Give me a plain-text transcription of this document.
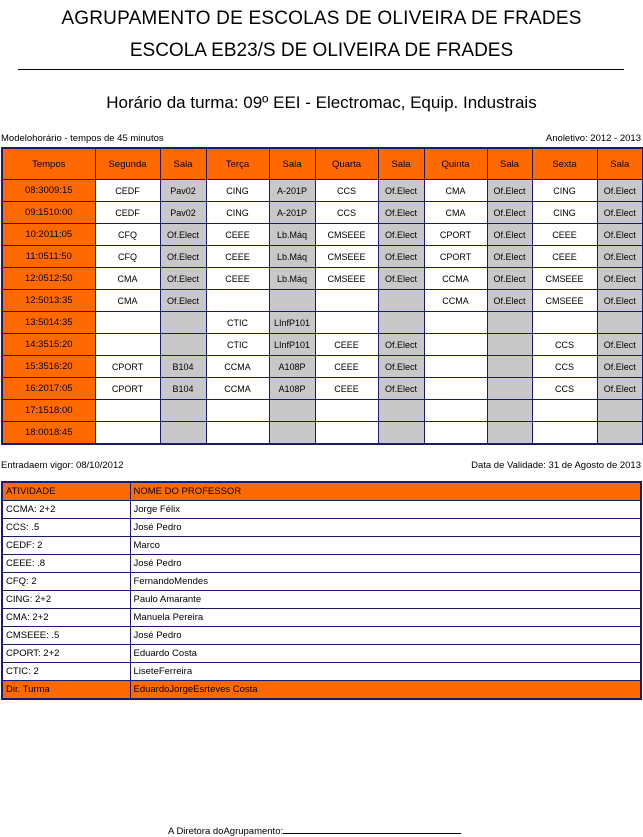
AGRUPAMENTO DE ESCOLAS DE OLIVEIRA DE FRADES
ESCOLA EB23/S DE OLIVEIRA DE FRADES
Horário da turma: 09º EEI - Electromac, Equip. Industrais
Modelohorário - tempos de 45 minutos	Anoletivo: 2012 - 2013
Tempos	Segunda	Sala	Terça	Sala	Quarta	Sala	Quinta	Sala	Sexta	Sala
08:3009:15	CEDF	Pav02	CING	A-201P	CCS	Of.Elect	CMA	Of.Elect	CING	Of.Elect
09:1510:00	CEDF	Pav02	CING	A-201P	CCS	Of.Elect	CMA	Of.Elect	CING	Of.Elect
10:2011:05	CFQ	Of.Elect	CEEE	Lb.Máq	CMSEEE	Of.Elect	CPORT	Of.Elect	CEEE	Of.Elect
11:0511:50	CFQ	Of.Elect	CEEE	Lb.Máq	CMSEEE	Of.Elect	CPORT	Of.Elect	CEEE	Of.Elect
12:0512:50	CMA	Of.Elect	CEEE	Lb.Máq	CMSEEE	Of.Elect	CCMA	Of.Elect	CMSEEE	Of.Elect
12:5013:35	CMA	Of.Elect					CCMA	Of.Elect	CMSEEE	Of.Elect
13:5014:35			CTIC	LInfP101						
14:3515:20			CTIC	LInfP101	CEEE	Of.Elect			CCS	Of.Elect
15:3516:20	CPORT	B104	CCMA	A108P	CEEE	Of.Elect			CCS	Of.Elect
16:2017:05	CPORT	B104	CCMA	A108P	CEEE	Of.Elect			CCS	Of.Elect
17:1518:00										
18:0018:45										
Entradaem vigor: 08/10/2012	Data de Validade: 31 de Agosto de 2013
ATIVIDADE	NOME DO PROFESSOR
CCMA: 2+2	Jorge Félix
CCS: .5	José Pedro
CEDF: 2	Marco
CEEE: .8	José Pedro
CFQ: 2	FernandoMendes
CING: 2+2	Paulo Amarante
CMA: 2+2	Manuela Pereira
CMSEEE: .5	José Pedro
CPORT: 2+2	Eduardo Costa
CTIC: 2	LiseteFerreira
Dir. Turma	EduardoJorgeEsrteves Costa
A Diretora doAgrupamento:
